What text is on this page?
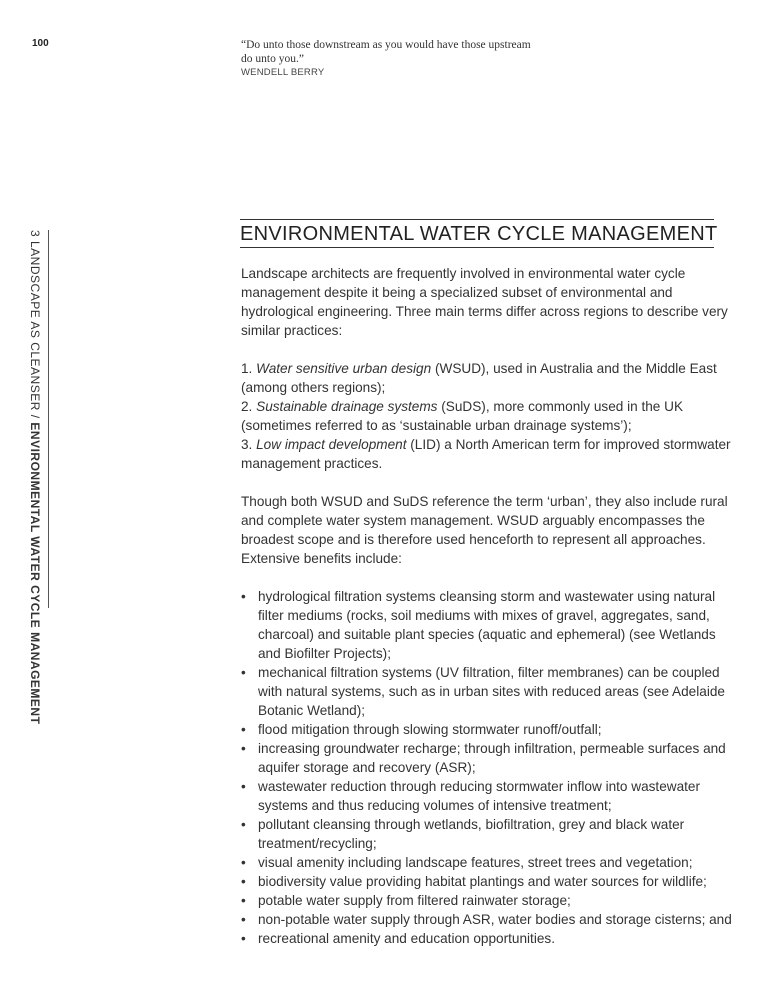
100	“Do unto those downstream as you would have those upstream do unto you.”
WENDELL BERRY
3 LANDSCAPE AS CLEANSER / ENVIRONMENTAL WATER CYCLE MANAGEMENT
ENVIRONMENTAL WATER CYCLE MANAGEMENT

Landscape architects are frequently involved in environmental water cycle management despite it being a specialized subset of environmental and hydrological engineering. Three main terms differ across regions to describe very similar practices:

1. Water sensitive urban design (WSUD), used in Australia and the Middle East (among others regions);
2. Sustainable drainage systems (SuDS), more commonly used in the UK (sometimes referred to as ‘sustainable urban drainage systems’);
3. Low impact development (LID) a North American term for improved stormwater management practices.

Though both WSUD and SuDS reference the term ‘urban’, they also include rural and complete water system management. WSUD arguably encompasses the broadest scope and is therefore used henceforth to represent all approaches. Extensive benefits include:

• hydrological filtration systems cleansing storm and wastewater using natural filter mediums (rocks, soil mediums with mixes of gravel, aggregates, sand, charcoal) and suitable plant species (aquatic and ephemeral) (see Wetlands and Biofilter Projects);
• mechanical filtration systems (UV filtration, filter membranes) can be coupled with natural systems, such as in urban sites with reduced areas (see Adelaide Botanic Wetland);
• flood mitigation through slowing stormwater runoff/outfall;
• increasing groundwater recharge; through infiltration, permeable surfaces and aquifer storage and recovery (ASR);
• wastewater reduction through reducing stormwater inflow into wastewater systems and thus reducing volumes of intensive treatment;
• pollutant cleansing through wetlands, biofiltration, grey and black water treatment/recycling;
• visual amenity including landscape features, street trees and vegetation;
• biodiversity value providing habitat plantings and water sources for wildlife;
• potable water supply from filtered rainwater storage;
• non-potable water supply through ASR, water bodies and storage cisterns; and
• recreational amenity and education opportunities.
